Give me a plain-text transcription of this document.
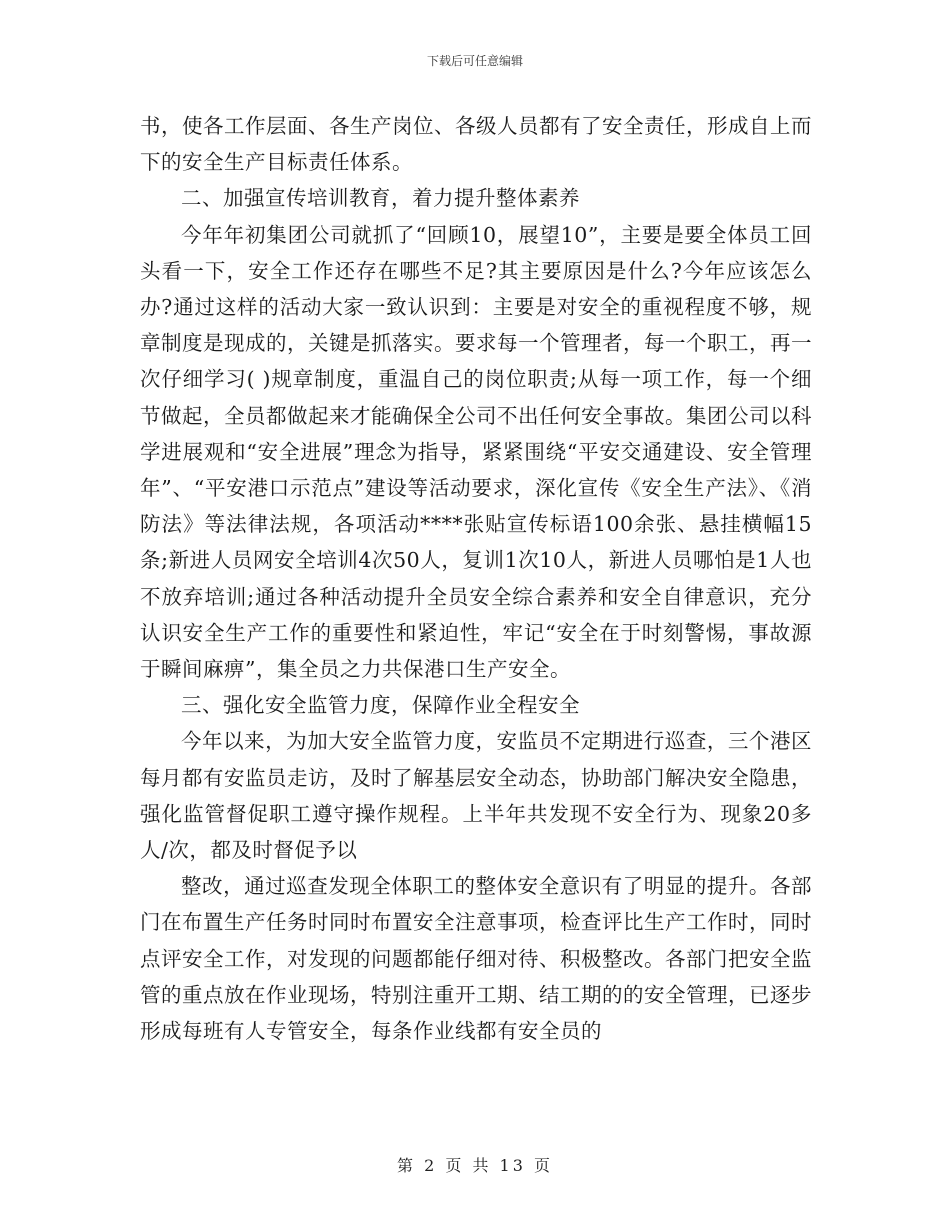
下载后可任意编辑

书，使各工作层面、各生产岗位、各级人员都有了安全责任，形成自上而下的安全生产目标责任体系。

二、加强宣传培训教育，着力提升整体素养

今年年初集团公司就抓了“回顾10，展望10”，主要是要全体员工回头看一下，安全工作还存在哪些不足?其主要原因是什么?今年应该怎么办?通过这样的活动大家一致认识到：主要是对安全的重视程度不够，规章制度是现成的，关键是抓落实。要求每一个管理者，每一个职工，再一次仔细学习( )规章制度，重温自己的岗位职责;从每一项工作，每一个细节做起，全员都做起来才能确保全公司不出任何安全事故。集团公司以科学进展观和“安全进展”理念为指导，紧紧围绕“平安交通建设、安全管理年”、“平安港口示范点”建设等活动要求，深化宣传《安全生产法》、《消防法》等法律法规，各项活动****张贴宣传标语100余张、悬挂横幅15条;新进人员网安全培训4次50人，复训1次10人，新进人员哪怕是1人也不放弃培训;通过各种活动提升全员安全综合素养和安全自律意识，充分认识安全生产工作的重要性和紧迫性，牢记“安全在于时刻警惕，事故源于瞬间麻痹”，集全员之力共保港口生产安全。

三、强化安全监管力度，保障作业全程安全

今年以来，为加大安全监管力度，安监员不定期进行巡查，三个港区每月都有安监员走访，及时了解基层安全动态，协助部门解决安全隐患，强化监管督促职工遵守操作规程。上半年共发现不安全行为、现象20多人/次，都及时督促予以

整改，通过巡查发现全体职工的整体安全意识有了明显的提升。各部门在布置生产任务时同时布置安全注意事项，检查评比生产工作时，同时点评安全工作，对发现的问题都能仔细对待、积极整改。各部门把安全监管的重点放在作业现场，特别注重开工期、结工期的的安全管理，已逐步形成每班有人专管安全，每条作业线都有安全员的

第 2 页 共 13 页
